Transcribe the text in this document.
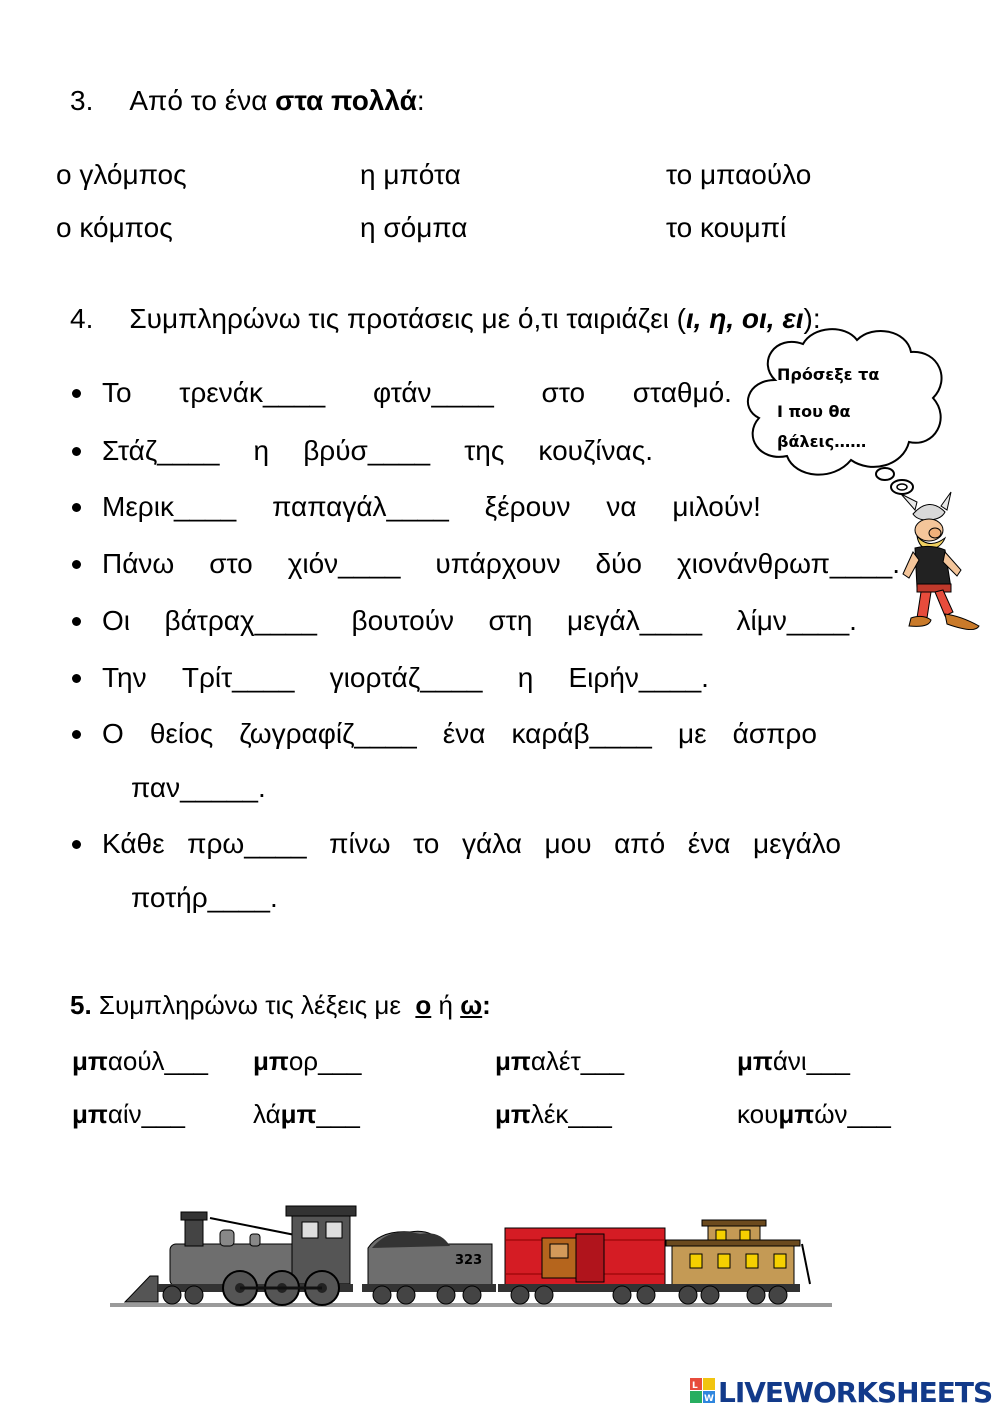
3. Από το ένα στα πολλά:
ο γλόμπος	η μπότα	το μπαούλο
ο κόμπος	η σόμπα	το κουμπί
4. Συμπληρώνω τις προτάσεις με ό,τι ταιριάζει (ι, η, οι, ει):
Πρόσεξε τα
Ι που θα
βάλεις……
Το τρενάκ____ φτάν____ στο σταθμό.
Στάζ____ η βρύσ____ της κουζίνας.
Μερικ____ παπαγάλ____ ξέρουν να μιλούν!
Πάνω στο χιόν____ υπάρχουν δύο χιονάνθρωπ____.
Οι βάτραχ____ βουτούν στη μεγάλ____ λίμν____.
Την Τρίτ____ γιορτάζ____ η Ειρήν____.
Ο θείος ζωγραφίζ____ ένα καράβ____ με άσπρο
παν_____.
Κάθε πρω____ πίνω το γάλα μου από ένα μεγάλο
ποτήρ____.
5. Συμπληρώνω τις λέξεις με  ο ή ω:
μπαούλ___ μπορ___	μπαλέτ___	μπάνι___
μπαίν___	λάμπ___	μπλέκ___	κουμπών___
323
L
W LIVEWORKSHEETS
